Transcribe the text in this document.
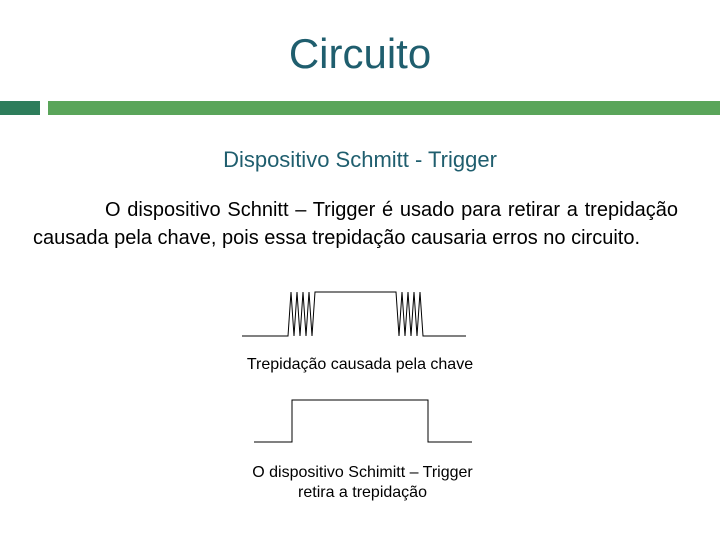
Circuito
Dispositivo Schmitt - Trigger
O dispositivo Schnitt – Trigger é usado para retirar a trepidação causada pela chave, pois essa trepidação causaria erros no circuito.
Trepidação causada pela chave
O dispositivo Schimitt – Trigger retira a trepidação
